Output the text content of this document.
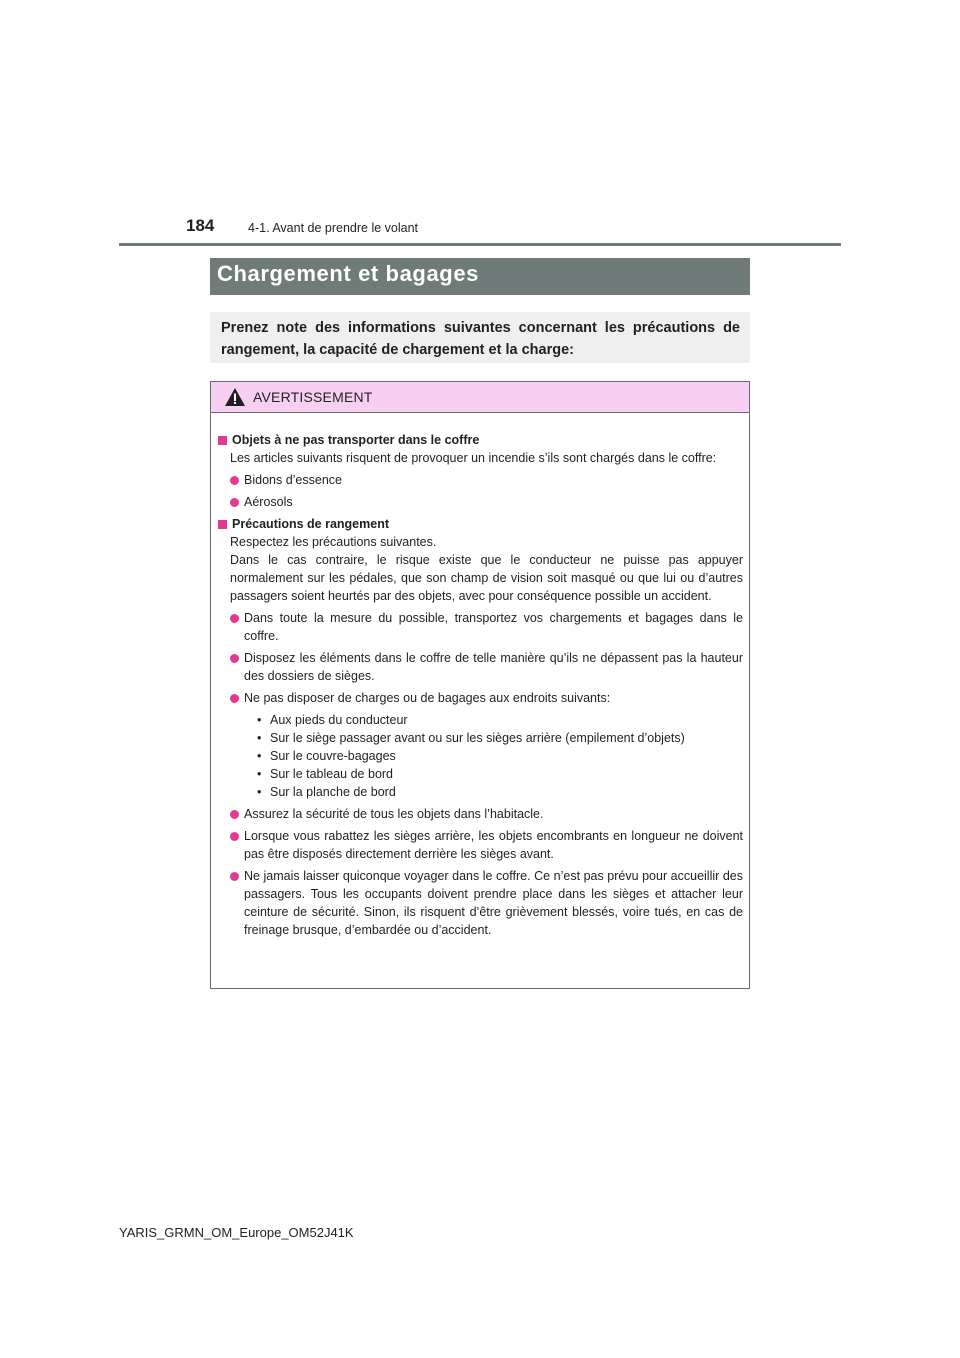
184	4-1. Avant de prendre le volant
Chargement et bagages
Prenez note des informations suivantes concernant les précautions de rangement, la capacité de chargement et la charge:
AVERTISSEMENT
Objets à ne pas transporter dans le coffre
Les articles suivants risquent de provoquer un incendie s’ils sont chargés dans le coffre:
Bidons d’essence
Aérosols
Précautions de rangement
Respectez les précautions suivantes.
Dans le cas contraire, le risque existe que le conducteur ne puisse pas appuyer normalement sur les pédales, que son champ de vision soit masqué ou que lui ou d’autres passagers soient heurtés par des objets, avec pour conséquence possible un accident.
Dans toute la mesure du possible, transportez vos chargements et bagages dans le coffre.
Disposez les éléments dans le coffre de telle manière qu’ils ne dépassent pas la hauteur des dossiers de sièges.
Ne pas disposer de charges ou de bagages aux endroits suivants:
• Aux pieds du conducteur
• Sur le siège passager avant ou sur les sièges arrière (empilement d’objets)
• Sur le couvre-bagages
• Sur le tableau de bord
• Sur la planche de bord
Assurez la sécurité de tous les objets dans l’habitacle.
Lorsque vous rabattez les sièges arrière, les objets encombrants en longueur ne doivent pas être disposés directement derrière les sièges avant.
Ne jamais laisser quiconque voyager dans le coffre. Ce n’est pas prévu pour accueillir des passagers. Tous les occupants doivent prendre place dans les sièges et attacher leur ceinture de sécurité. Sinon, ils risquent d’être grièvement blessés, voire tués, en cas de freinage brusque, d’embardée ou d’accident.
YARIS_GRMN_OM_Europe_OM52J41K
